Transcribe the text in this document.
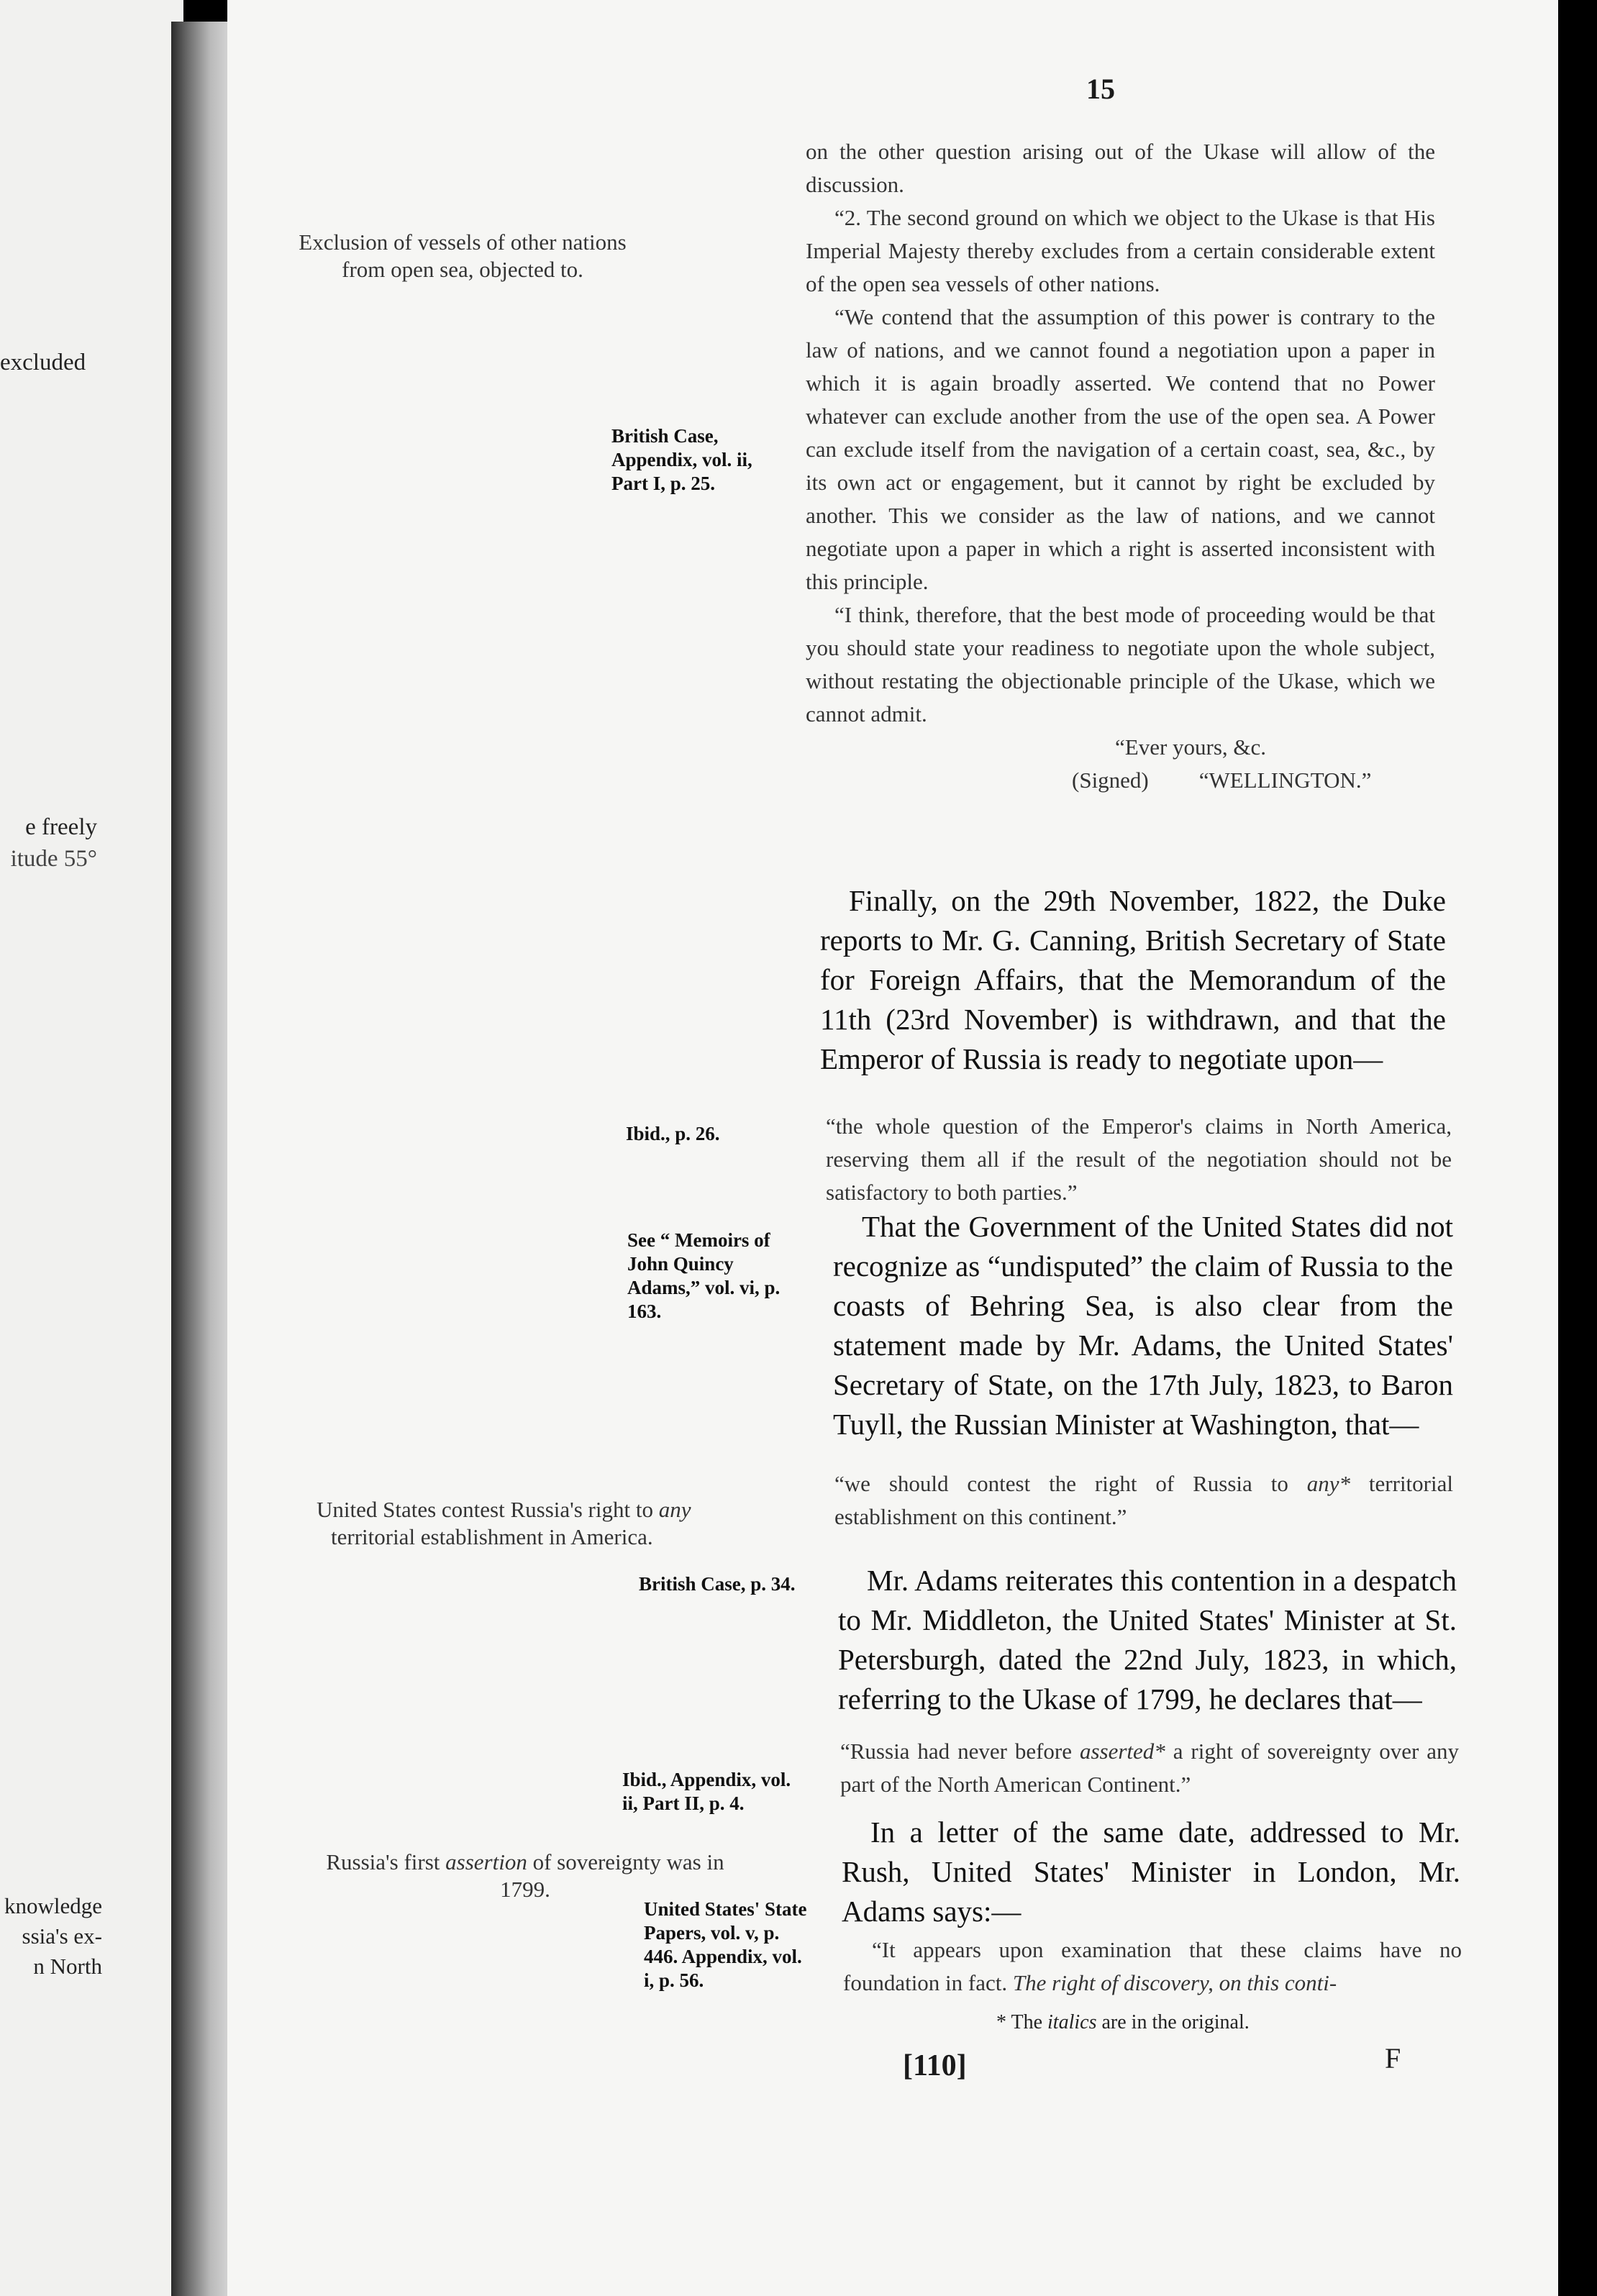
excluded
e freely
itude 55°
knowledge
ssia's ex-
n North
15
Exclusion of vessels of other nations from open sea, objected to.
United States contest Russia's right to any territorial establishment in America.
Russia's first assertion of sovereignty was in 1799.
British Case, Appendix, vol. ii, Part I, p. 25.
Ibid., p. 26.
See “ Memoirs of John Quincy Adams,” vol. vi, p. 163.
British Case, p. 34.
Ibid., Appendix, vol. ii, Part II, p. 4.
United States' State Papers, vol. v, p. 446. Appendix, vol. i, p. 56.

on the other question arising out of the Ukase will allow of the discussion.

“2. The second ground on which we object to the Ukase is that His Imperial Majesty thereby excludes from a certain considerable extent of the open sea vessels of other nations.

“We contend that the assumption of this power is contrary to the law of nations, and we cannot found a negotiation upon a paper in which it is again broadly asserted. We contend that no Power whatever can exclude another from the use of the open sea. A Power can exclude itself from the navigation of a certain coast, sea, &c., by its own act or engagement, but it cannot by right be excluded by another. This we consider as the law of nations, and we cannot negotiate upon a paper in which a right is asserted inconsistent with this principle.

“I think, therefore, that the best mode of proceeding would be that you should state your readiness to negotiate upon the whole subject, without restating the objectionable principle of the Ukase, which we cannot admit.

“Ever yours, &c.

(Signed) “WELLINGTON.”

Finally, on the 29th November, 1822, the Duke reports to Mr. G. Canning, British Secretary of State for Foreign Affairs, that the Memorandum of the 11th (23rd November) is withdrawn, and that the Emperor of Russia is ready to negotiate upon—
“the whole question of the Emperor's claims in North America, reserving them all if the result of the negotiation should not be satisfactory to both parties.”
That the Government of the United States did not recognize as “undisputed” the claim of Russia to the coasts of Behring Sea, is also clear from the statement made by Mr. Adams, the United States' Secretary of State, on the 17th July, 1823, to Baron Tuyll, the Russian Minister at Washington, that—
“we should contest the right of Russia to any* territorial establishment on this continent.”
Mr. Adams reiterates this contention in a despatch to Mr. Middleton, the United States' Minister at St. Petersburgh, dated the 22nd July, 1823, in which, referring to the Ukase of 1799, he declares that—
“Russia had never before asserted* a right of sovereignty over any part of the North American Continent.”
In a letter of the same date, addressed to Mr. Rush, United States' Minister in London, Mr. Adams says:—
“It appears upon examination that these claims have no foundation in fact. The right of discovery, on this conti-
* The italics are in the original.
[110]	F
